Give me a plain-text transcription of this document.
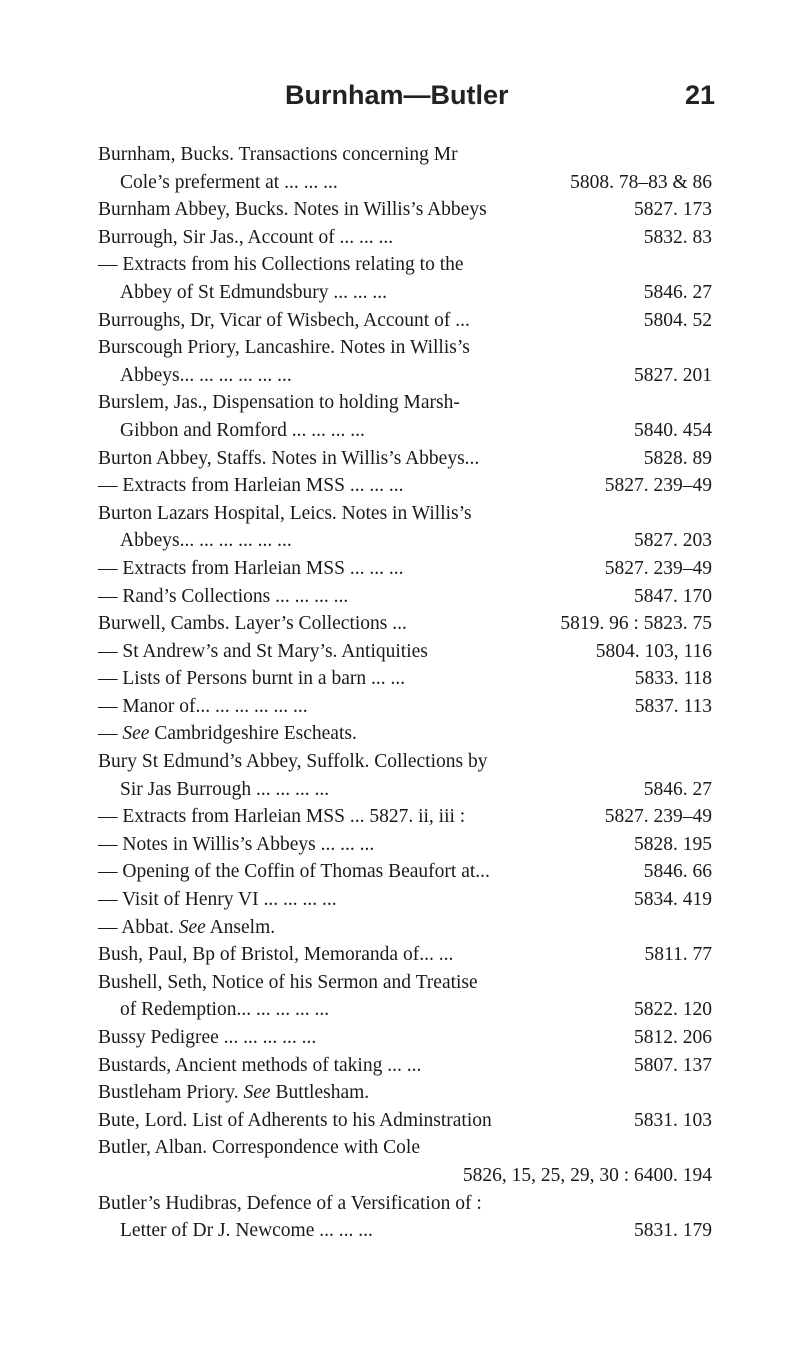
Burnham—Butler	21
Burnham, Bucks. Transactions concerning Mr
Cole’s preferment at ... ... ...	5808. 78–83 & 86
Burnham Abbey, Bucks. Notes in Willis’s Abbeys	5827. 173
Burrough, Sir Jas., Account of ... ... ...	5832. 83
— Extracts from his Collections relating to the
Abbey of St Edmundsbury ... ... ...	5846. 27
Burroughs, Dr, Vicar of Wisbech, Account of ...	5804. 52
Burscough Priory, Lancashire. Notes in Willis’s
Abbeys... ... ... ... ... ...	5827. 201
Burslem, Jas., Dispensation to holding Marsh-
Gibbon and Romford ... ... ... ...	5840. 454
Burton Abbey, Staffs. Notes in Willis’s Abbeys...	5828. 89
— Extracts from Harleian MSS ... ... ...	5827. 239–49
Burton Lazars Hospital, Leics. Notes in Willis’s
Abbeys... ... ... ... ... ...	5827. 203
— Extracts from Harleian MSS ... ... ...	5827. 239–49
— Rand’s Collections ... ... ... ...	5847. 170
Burwell, Cambs. Layer’s Collections ...	5819. 96 : 5823. 75
— St Andrew’s and St Mary’s. Antiquities	5804. 103, 116
— Lists of Persons burnt in a barn ... ...	5833. 118
— Manor of... ... ... ... ... ...	5837. 113
— See Cambridgeshire Escheats.
Bury St Edmund’s Abbey, Suffolk. Collections by
Sir Jas Burrough ... ... ... ...	5846. 27
— Extracts from Harleian MSS ... 5827. ii, iii :	5827. 239–49
— Notes in Willis’s Abbeys ... ... ...	5828. 195
— Opening of the Coffin of Thomas Beaufort at...	5846. 66
— Visit of Henry VI ... ... ... ...	5834. 419
— Abbat. See Anselm.
Bush, Paul, Bp of Bristol, Memoranda of... ...	5811. 77
Bushell, Seth, Notice of his Sermon and Treatise
of Redemption... ... ... ... ...	5822. 120
Bussy Pedigree ... ... ... ... ...	5812. 206
Bustards, Ancient methods of taking ... ...	5807. 137
Bustleham Priory. See Buttlesham.
Bute, Lord. List of Adherents to his Adminstration	5831. 103
Butler, Alban. Correspondence with Cole
5826, 15, 25, 29, 30 : 6400. 194
Butler’s Hudibras, Defence of a Versification of :
Letter of Dr J. Newcome ... ... ...	5831. 179
